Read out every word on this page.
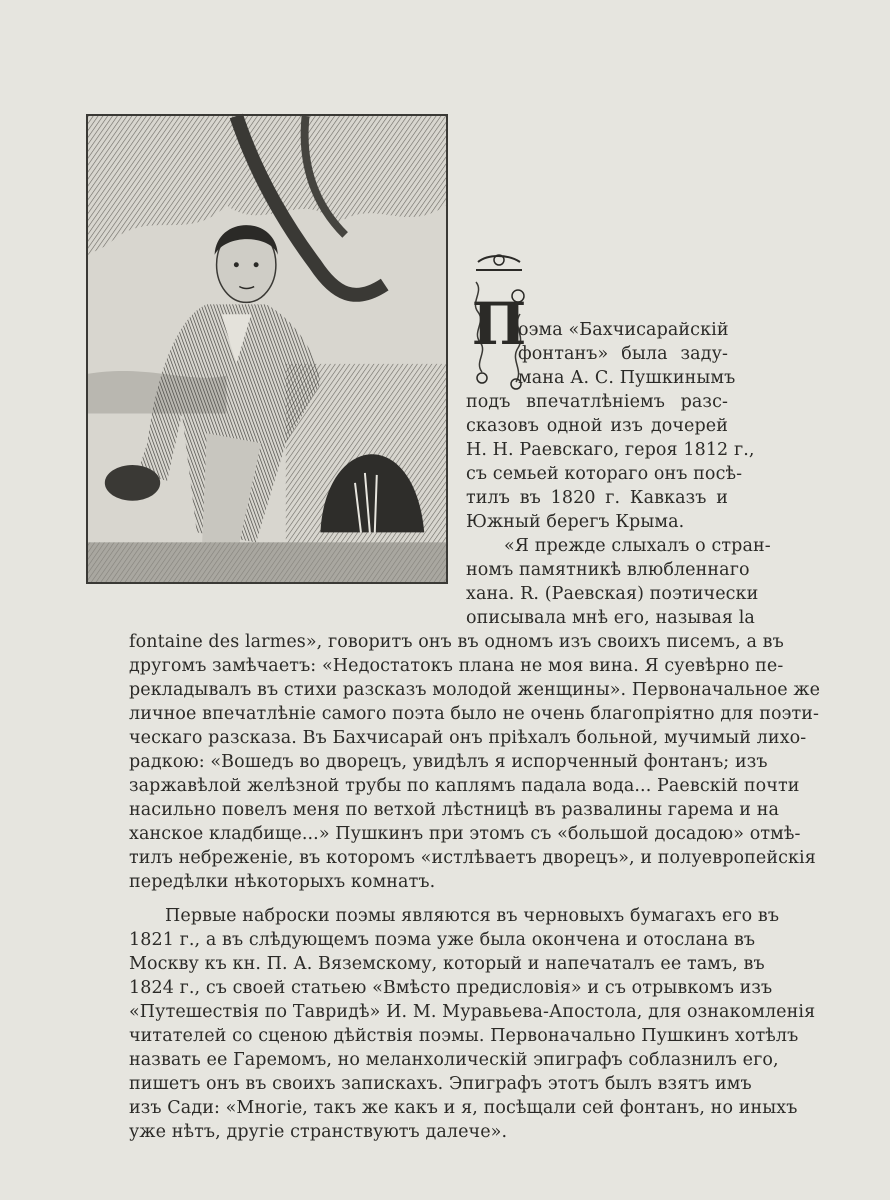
П
оэма «Бахчисарайскій
фонтанъ» была заду-
мана А. С. Пушкинымъ
подъ впечатлѣніемъ разс-
сказовъ одной изъ дочерей
Н. Н. Раевскаго, героя 1812 г.,
съ семьей котораго онъ посѣ-
тилъ въ 1820 г. Кавказъ и
Южный берегъ Крыма.
«Я прежде слыхалъ о стран-
номъ памятникѣ влюбленнаго
хана. R. (Раевская) поэтически
описывала мнѣ его, называя la
fontaine des larmes», говоритъ онъ въ одномъ изъ своихъ писемъ, а въ
другомъ замѣчаетъ: «Недостатокъ плана не моя вина. Я суевѣрно пе-
рекладывалъ въ стихи разсказъ молодой женщины». Первоначальное же
личное впечатлѣніе самого поэта было не очень благопріятно для поэти-
ческаго разсказа. Въ Бахчисарай онъ пріѣхалъ больной, мучимый лихо-
радкою: «Вошедъ во дворецъ, увидѣлъ я испорченный фонтанъ; изъ
заржавѣлой желѣзной трубы по каплямъ падала вода... Раевскій почти
насильно повелъ меня по ветхой лѣстницѣ въ развалины гарема и на
ханское кладбище...» Пушкинъ при этомъ съ «большой досадою» отмѣ-
тилъ небреженіе, въ которомъ «истлѣваетъ дворецъ», и полуевропейскія
передѣлки нѣкоторыхъ комнатъ.
Первые наброски поэмы являются въ черновыхъ бумагахъ его въ
1821 г., а въ слѣдующемъ поэма уже была окончена и отослана въ
Москву къ кн. П. А. Вяземскому, который и напечаталъ ее тамъ, въ
1824 г., съ своей статьею «Вмѣсто предисловія» и съ отрывкомъ изъ
«Путешествія по Тавридѣ» И. М. Муравьева-Апостола, для ознакомленія
читателей со сценою дѣйствія поэмы. Первоначально Пушкинъ хотѣлъ
назвать ее Гаремомъ, но меланхолическій эпиграфъ соблазнилъ его,
пишетъ онъ въ своихъ запискахъ. Эпиграфъ этотъ былъ взятъ имъ
изъ Сади: «Многіе, такъ же какъ и я, посѣщали сей фонтанъ, но иныхъ
уже нѣтъ, другіе странствуютъ далече».
